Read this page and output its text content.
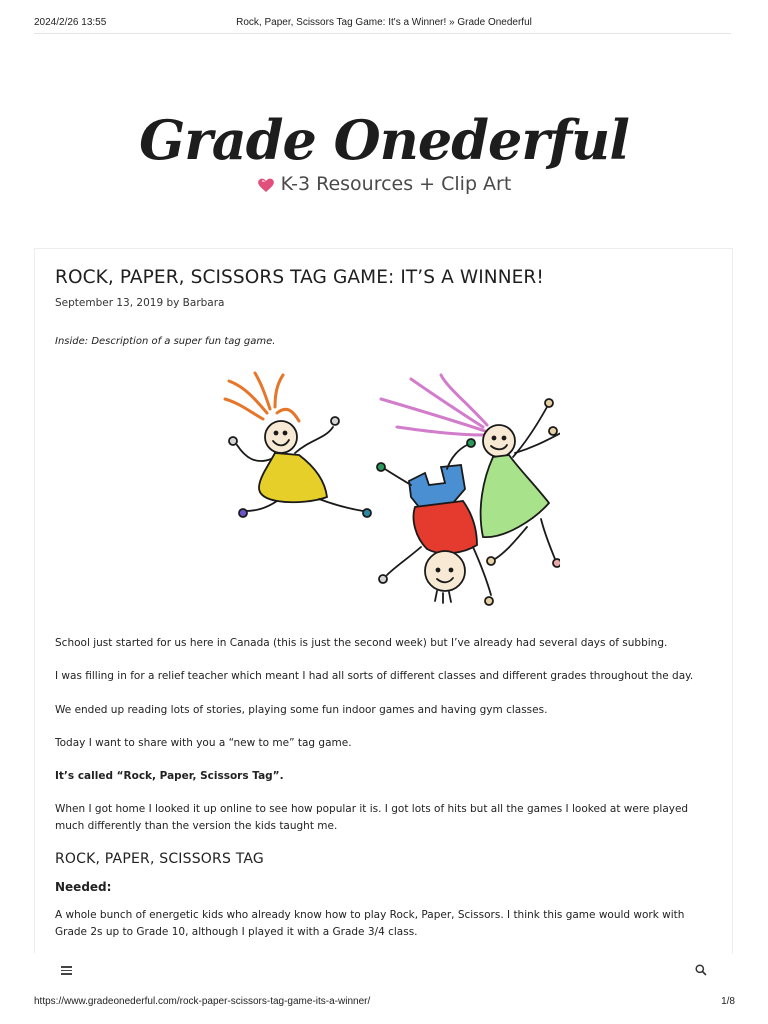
2024/2/26 13:55	Rock, Paper, Scissors Tag Game: It's a Winner! » Grade Onederful
Grade Onederful
K-3 Resources + Clip Art
ROCK, PAPER, SCISSORS TAG GAME: IT’S A WINNER!
September 13, 2019 by Barbara
Inside: Description of a super fun tag game.

School just started for us here in Canada (this is just the second week) but I’ve already had several days of subbing.

I was filling in for a relief teacher which meant I had all sorts of different classes and different grades throughout the day.

We ended up reading lots of stories, playing some fun indoor games and having gym classes.

Today I want to share with you a “new to me” tag game.

It’s called “Rock, Paper, Scissors Tag”.

When I got home I looked it up online to see how popular it is. I got lots of hits but all the games I looked at were played much differently than the version the kids taught me.

ROCK, PAPER, SCISSORS TAG
Needed:

A whole bunch of energetic kids who already know how to play Rock, Paper, Scissors. I think this game would work with Grade 2s up to Grade 10, although I played it with a Grade 3/4 class.

https://www.gradeonederful.com/rock-paper-scissors-tag-game-its-a-winner/	1/8
